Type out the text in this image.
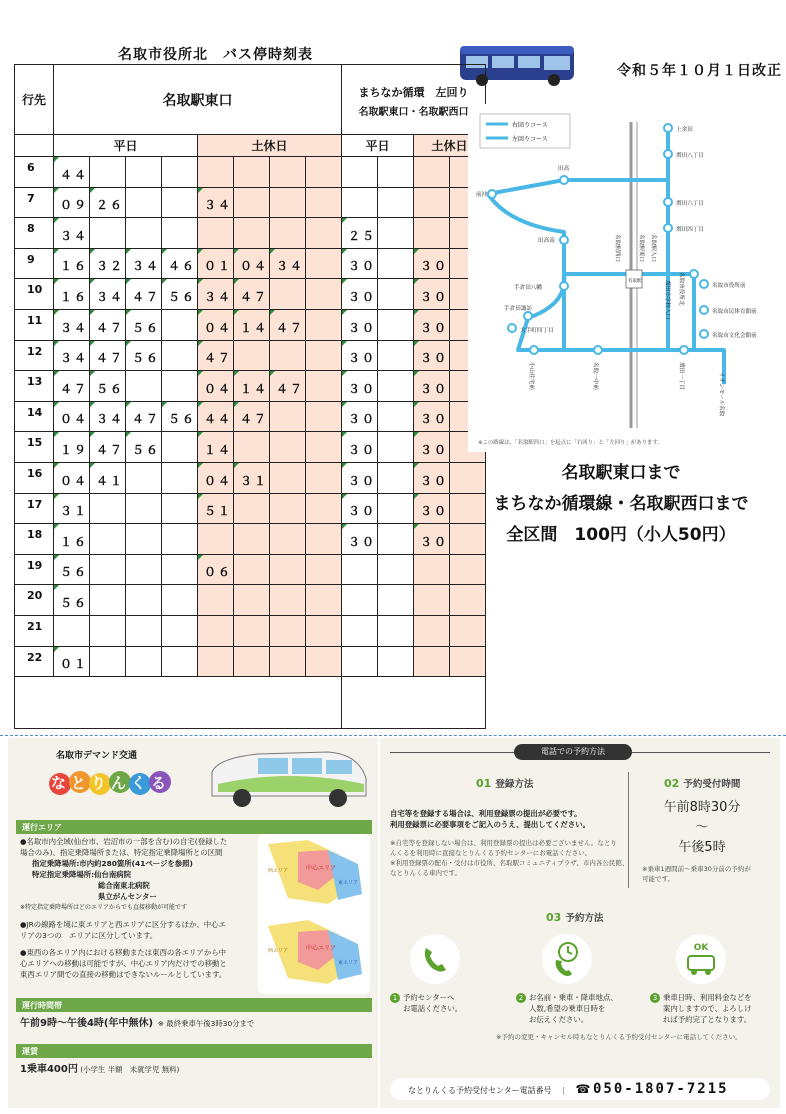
名取市役所北　バス停時刻表
令和５年１０月１日改正
行先	名取駅東口								まちなか循環　左回り
名取駅東口・名取駅西口			

	平日				土休日				平日		土休日	
6	４４											
7	０９	２６			３４							
8	３４								２５			
9	１６	３２	３４	４６	０１	０４	３４		３０		３０	
10	１６	３４	４７	５６	３４	４７			３０		３０	
11	３４	４７	５６		０４	１４	４７		３０		３０	
12	３４	４７	５６		４７				３０		３０	
13	４７	５６			０４	１４	４７		３０		３０	
14	０４	３４	４７	５６	４４	４７			３０		３０	
15	１９	４７	５６		１４				３０		３０	
16	０４	４１			０４	３１			３０		３０	
17	３１				５１				３０		３０	
18	１６								３０		３０	
19	５６				０６							
20	５６											
21												
22	０１											

右回りコース
左回りコース
上余田
増田八丁目
増田六丁目
増田四丁目
田高
前沖
田高南
手倉田八幡
手倉田諏訪
大手町四丁目
名取市役所前
名取市民体育館前
名取市文化会館前
名取駅西口	名取駅東口	名取駅入口
名取市役所北
増田小学校入口
小山住宅前	名取一中前	増田一丁目	イオンモール名取
名取駅
※この路線は、「名取駅西口」を起点に「右回り」と「左回り」があります。
名取駅東口まで
まちなか循環線・名取駅西口まで
全区間　100円（小人50円）
名取市デマンド交通
なとりんくる
運行エリア
●名取市内全域(仙台市、岩沼市の一部を含む)の自宅(登録した
場合のみ)、指定乗降場所または、特定指定乗降場所との区間
指定乗降場所:市内約280箇所(41ページを参照)
特定指定乗降場所:仙台南病院
総合南東北病院
県立がんセンター
※特定指定乗降場所はどのエリアからでも直接移動が可能です
●JRの線路を境に東エリアと西エリアに区分するほか、中心エ
リアの3つの　エリアに区分しています。
●東西の各エリア内における移動または東西の各エリアから中
心エリアへの移動は可能ですが、中心エリア内だけでの移動と
東西エリア間での直接の移動はできないルールとしています。
中心エリア
東エリア
西エリア
中心エリア
東エリア
西エリア
運行時間帯
午前9時～午後4時(年中無休) ※ 最終乗車午後3時30分まで
運賃
1乗車400円 (小学生 半額　未就学児 無料)
電話での予約方法
01 登録方法
自宅等を登録する場合は、利用登録票の提出が必要です。
利用登録票に必要事項をご記入のうえ、提出してください。
※自宅等を登録しない場合は、利用登録票の提出は必要ございません。なとり
んくるを利用時に直接なとりんくる予約センターにお電話ください。
※利用登録票の配布・受付は市役所、名取駅コミュニティプラザ、市内各公民館、
なとりんくる車内です。
02 予約受付時間
午前8時30分
～
午後5時
※乗車1週間前～乗車30分前の予約が
可能です。
03 予約方法
OK
1 予約センターへ
お電話ください。
2 お名前・乗車・降車地点、
人数,希望の乗車日時を
お伝えください。
3 乗車日時、利用料金などを
案内しますので、よろしけ
れば予約完了となります。
※予約の変更・キャンセル時もなとりんくる予約受付センターに電話してください。
なとりんくる予約受付センター電話番号 | ☎ 050-1807-7215
